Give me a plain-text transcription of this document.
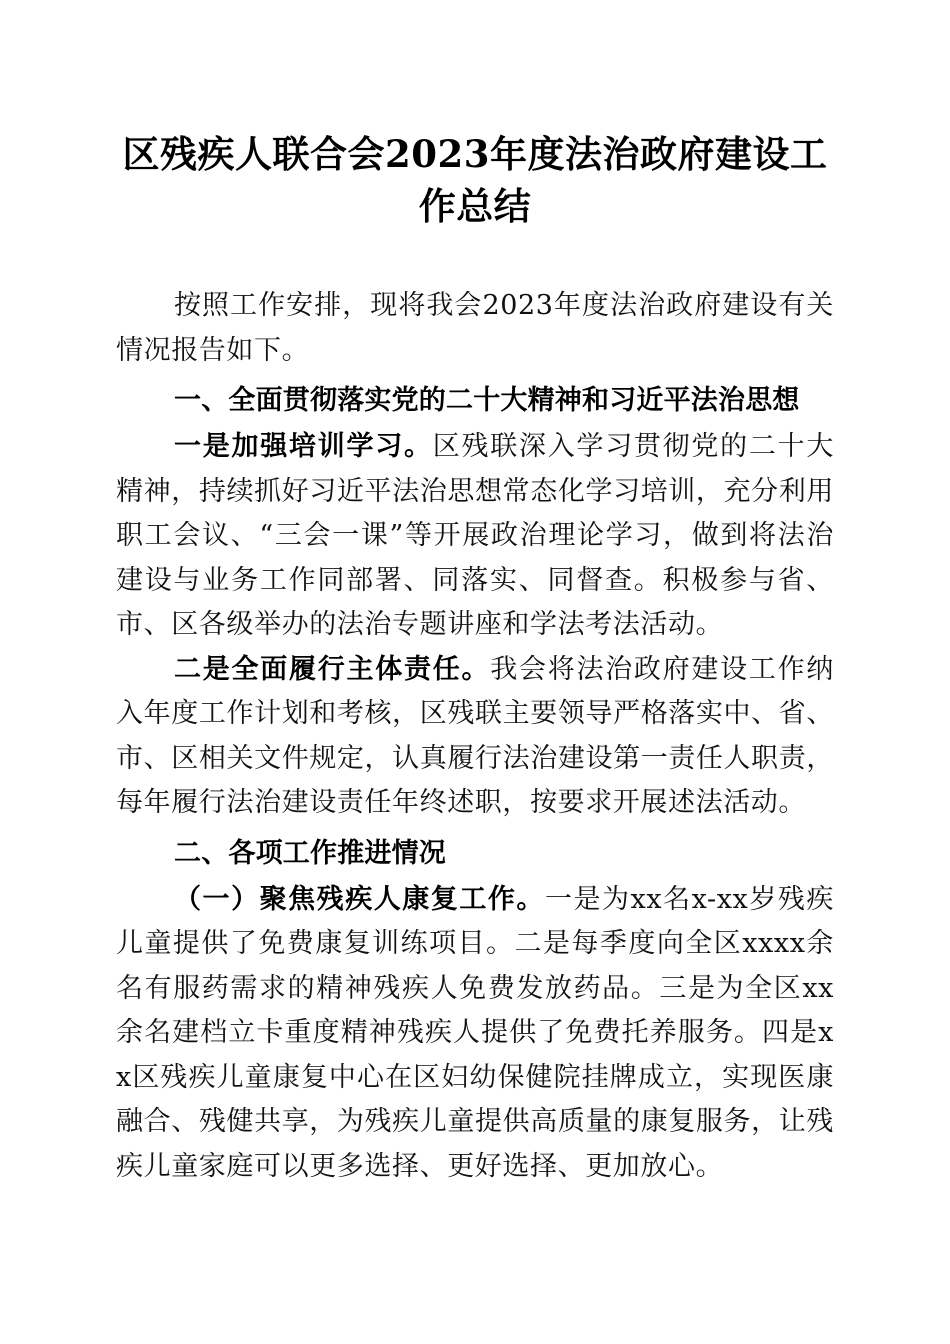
区残疾人联合会2023年度法治政府建设工作总结

按照工作安排，现将我会2023年度法治政府建设有关情况报告如下。

一、全面贯彻落实党的二十大精神和习近平法治思想

一是加强培训学习。区残联深入学习贯彻党的二十大精神，持续抓好习近平法治思想常态化学习培训，充分利用职工会议、“三会一课”等开展政治理论学习，做到将法治建设与业务工作同部署、同落实、同督查。积极参与省、市、区各级举办的法治专题讲座和学法考法活动。

二是全面履行主体责任。我会将法治政府建设工作纳入年度工作计划和考核，区残联主要领导严格落实中、省、市、区相关文件规定，认真履行法治建设第一责任人职责，每年履行法治建设责任年终述职，按要求开展述法活动。

二、各项工作推进情况

（一）聚焦残疾人康复工作。一是为xx名x-xx岁残疾儿童提供了免费康复训练项目。二是每季度向全区xxxx余名有服药需求的精神残疾人免费发放药品。三是为全区xx余名建档立卡重度精神残疾人提供了免费托养服务。四是xx区残疾儿童康复中心在区妇幼保健院挂牌成立，实现医康融合、残健共享，为残疾儿童提供高质量的康复服务，让残疾儿童家庭可以更多选择、更好选择、更加放心。
